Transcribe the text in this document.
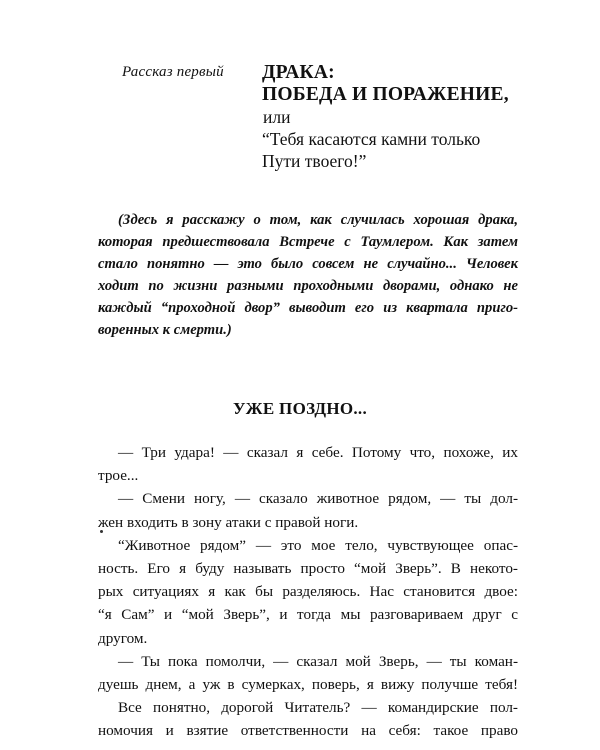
Рассказ первый ДРАКА:
ПОБЕДА И ПОРАЖЕНИЕ,
или
“Тебя касаются камни только
Пути твоего!”
(Здесь я расскажу о том, как случилась хорошая драка,
которая предшествовала Встрече с Таумлером. Как затем
стало понятно — это было совсем не случайно... Человек
ходит по жизни разными проходными дворами, однако не
каждый “проходной двор” выводит его из квартала приго-
воренных к смерти.)
УЖЕ ПОЗДНО...
— Три удара! — сказал я себе. Потому что, похоже, их
трое...
— Смени ногу, — сказало животное рядом, — ты дол-
жен входить в зону атаки с правой ноги.
“Животное рядом” — это мое тело, чувствующее опас-
ность. Его я буду называть просто “мой Зверь”. В некото-
рых ситуациях я как бы разделяюсь. Нас становится двое:
“я Сам” и “мой Зверь”, и тогда мы разговариваем друг с
другом.
— Ты пока помолчи, — сказал мой Зверь, — ты коман-
дуешь днем, а уж в сумерках, поверь, я вижу получше тебя!
Все понятно, дорогой Читатель? — командирские пол-
номочия и взятие ответственности на себя: такое право
